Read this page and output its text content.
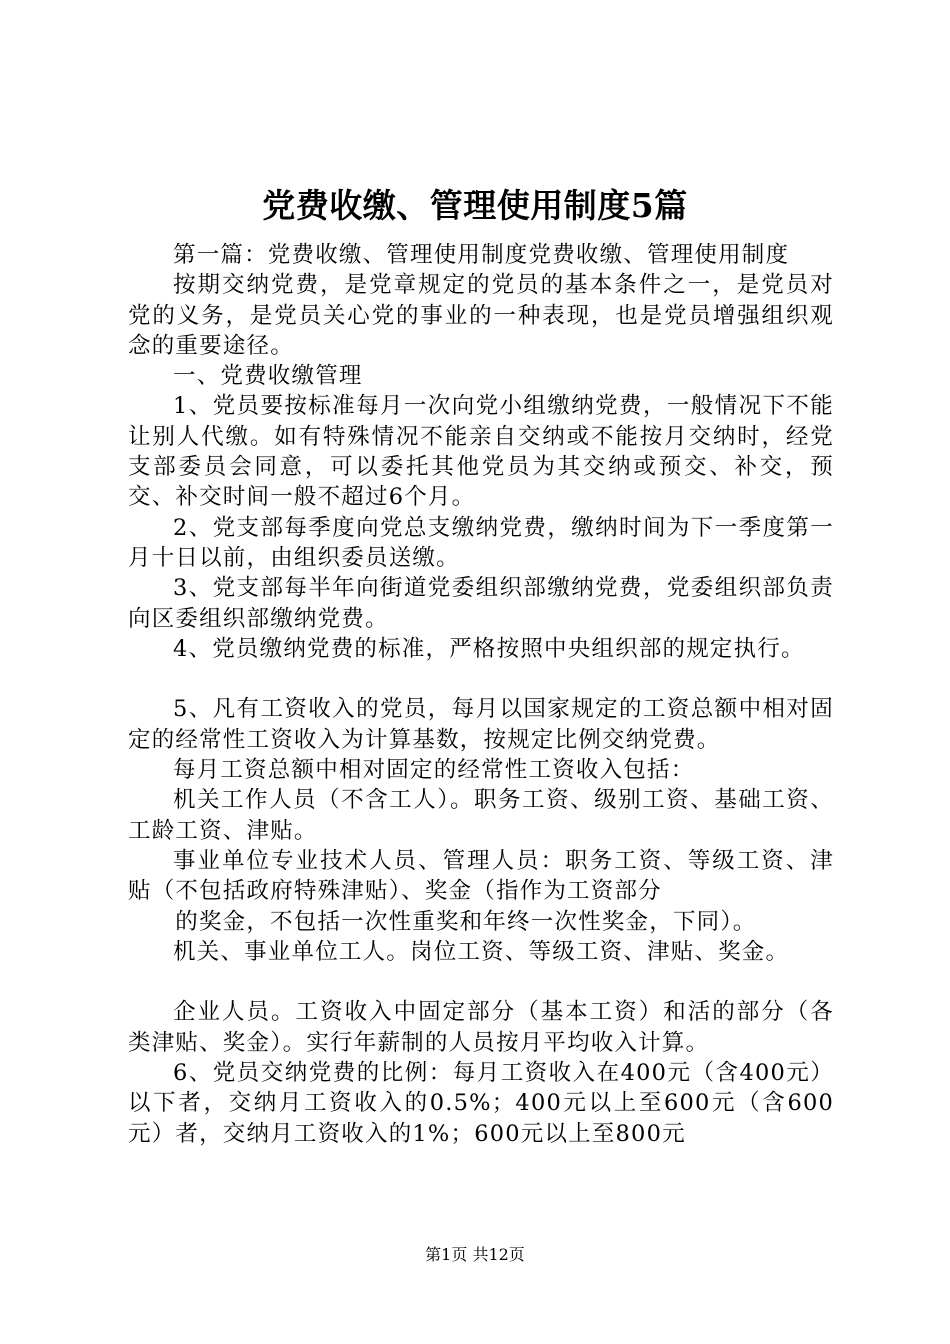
党费收缴、管理使用制度5篇

第一篇：党费收缴、管理使用制度党费收缴、管理使用制度

按期交纳党费，是党章规定的党员的基本条件之一，是党员对党的义务，是党员关心党的事业的一种表现，也是党员增强组织观念的重要途径。

一、党费收缴管理

1、党员要按标准每月一次向党小组缴纳党费，一般情况下不能让别人代缴。如有特殊情况不能亲自交纳或不能按月交纳时，经党支部委员会同意，可以委托其他党员为其交纳或预交、补交，预交、补交时间一般不超过6个月。

2、党支部每季度向党总支缴纳党费，缴纳时间为下一季度第一月十日以前，由组织委员送缴。

3、党支部每半年向街道党委组织部缴纳党费，党委组织部负责向区委组织部缴纳党费。

4、党员缴纳党费的标准，严格按照中央组织部的规定执行。

5、凡有工资收入的党员，每月以国家规定的工资总额中相对固定的经常性工资收入为计算基数，按规定比例交纳党费。

每月工资总额中相对固定的经常性工资收入包括：

机关工作人员（不含工人）。职务工资、级别工资、基础工资、工龄工资、津贴。

事业单位专业技术人员、管理人员：职务工资、等级工资、津贴（不包括政府特殊津贴）、奖金（指作为工资部分

的奖金，不包括一次性重奖和年终一次性奖金，下同）。

机关、事业单位工人。岗位工资、等级工资、津贴、奖金。

企业人员。工资收入中固定部分（基本工资）和活的部分（各类津贴、奖金）。实行年薪制的人员按月平均收入计算。

6、党员交纳党费的比例：每月工资收入在400元（含400元）以下者，交纳月工资收入的0.5%；400元以上至600元（含600元）者，交纳月工资收入的1%；600元以上至800元

第1页 共12页
